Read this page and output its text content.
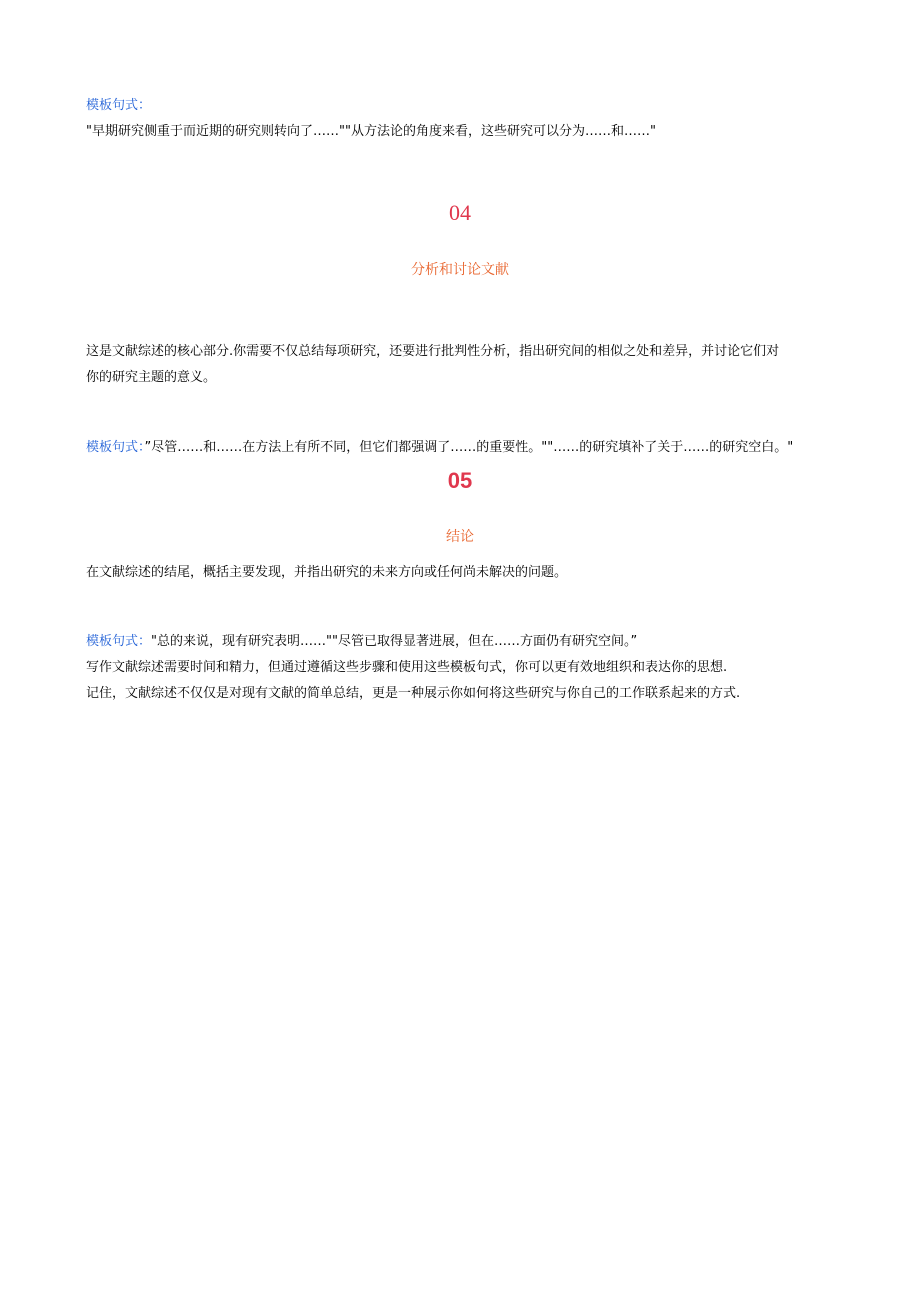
模板句式：
"早期研究侧重于而近期的研究则转向了……""从方法论的角度来看，这些研究可以分为……和……"
04
分析和讨论文献
这是文献综述的核心部分.你需要不仅总结每项研究，还要进行批判性分析，指出研究间的相似之处和差异，并讨论它们对
你的研究主题的意义。
模板句式：”尽管……和……在方法上有所不同，但它们都强调了……的重要性。""……的研究填补了关于……的研究空白。"
05
结论
在文献综述的结尾，概括主要发现，并指出研究的未来方向或任何尚未解决的问题。
模板句式："总的来说，现有研究表明……""尽管已取得显著进展，但在……方面仍有研究空间。”
写作文献综述需要时间和精力，但通过遵循这些步骤和使用这些模板句式，你可以更有效地组织和表达你的思想.
记住，文献综述不仅仅是对现有文献的简单总结，更是一种展示你如何将这些研究与你自己的工作联系起来的方式.
